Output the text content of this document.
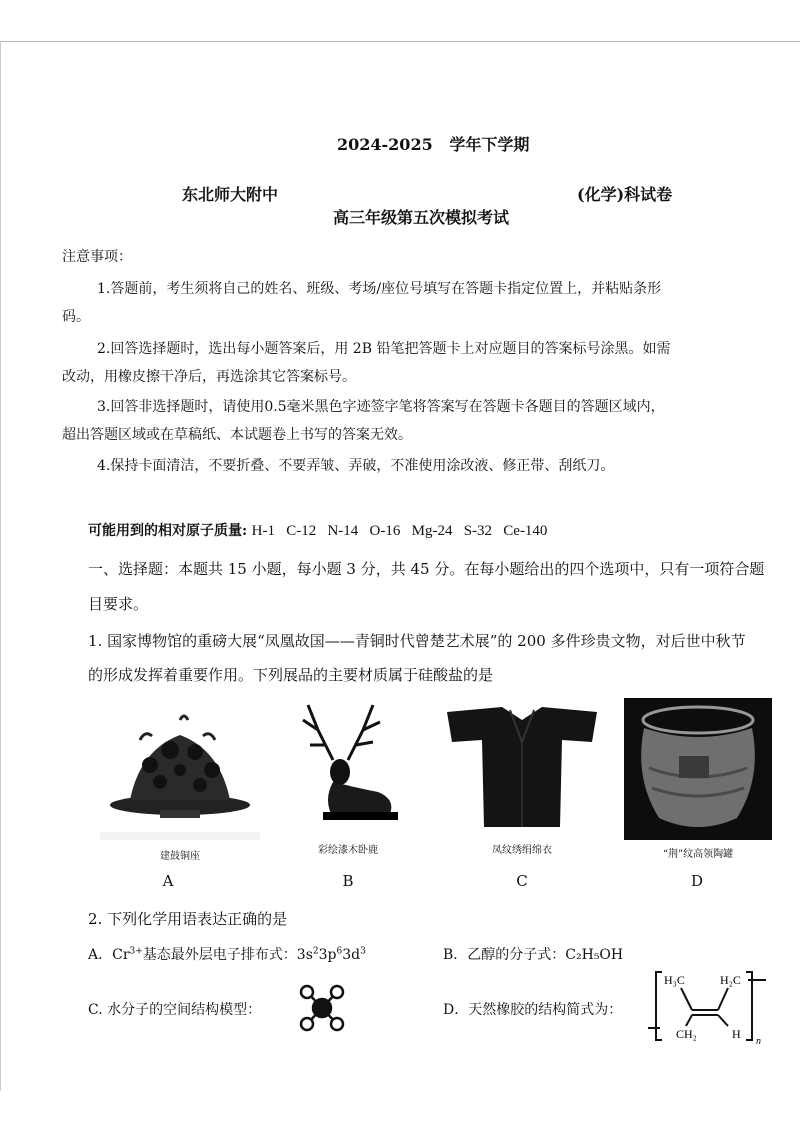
2024-2025 学年下学期
东北师大附中	(化学)科试卷
高三年级第五次模拟考试
注意事项：
1.答题前，考生须将自己的姓名、班级、考场/座位号填写在答题卡指定位置上，并粘贴条形
码。
2.回答选择题时，选出每小题答案后，用 2B 铅笔把答题卡上对应题目的答案标号涂黑。如需
改动，用橡皮擦干净后，再选涂其它答案标号。
3.回答非选择题时，请使用0.5毫米黑色字迹签字笔将答案写在答题卡各题目的答题区域内，
超出答题区域或在草稿纸、本试题卷上书写的答案无效。
4.保持卡面清洁，不要折叠、不要弄皱、弄破，不准使用涂改液、修正带、刮纸刀。
可能用到的相对原子质量: H-1   C-12   N-14   O-16   Mg-24   S-32   Ce-140
一、选择题：本题共 15 小题，每小题 3 分，共 45 分。在每小题给出的四个选项中，只有一项符合题
目要求。
1. 国家博物馆的重磅大展“凤凰故国——青铜时代曾楚艺术展”的 200 多件珍贵文物，对后世中秋节
的形成发挥着重要作用。下列展品的主要材质属于硅酸盐的是
建鼓铜座
A
彩绘漆木卧鹿
B
凤纹绣绢绵衣
C
“荆”纹高领陶罐
D
2. 下列化学用语表达正确的是
A．$Cr^{3+}$基态最外层电子排布式：$3s^23p^63d^3$	B．乙醇的分子式：C₂H₅OH
C. 水分子的空间结构模型：	D．天然橡胶的结构简式为：
H₃C	H₂C
CH₂	H
n
